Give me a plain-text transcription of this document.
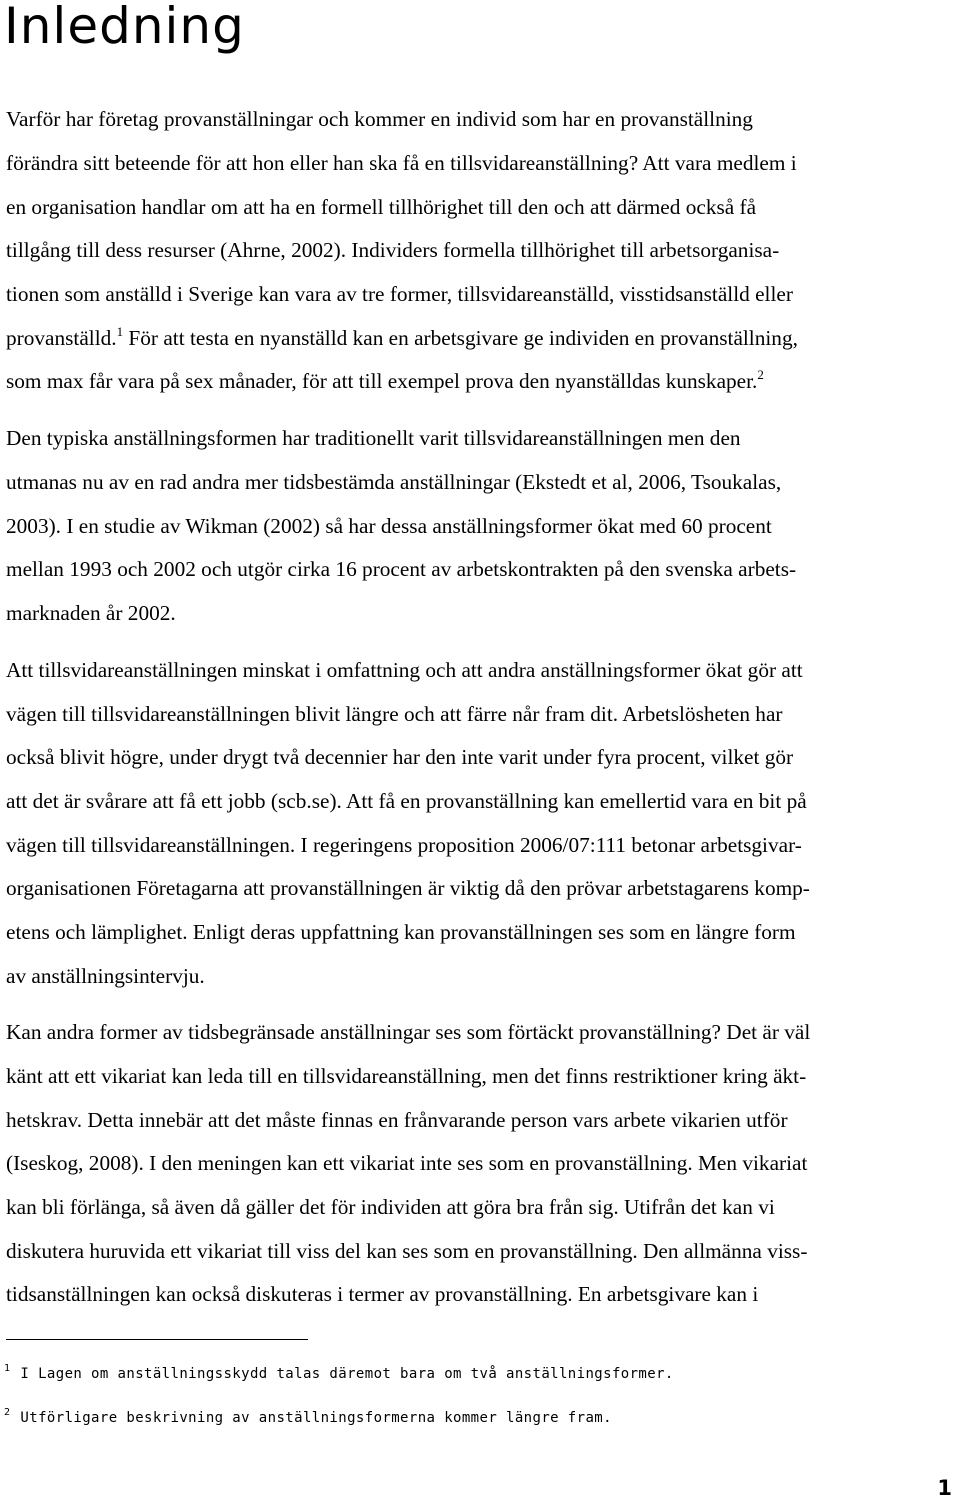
Inledning
Varför har företag provanställningar och kommer en individ som har en provanställning
förändra sitt beteende för att hon eller han ska få en tillsvidareanställning? Att vara medlem i
en organisation handlar om att ha en formell tillhörighet till den och att därmed också få
tillgång till dess resurser (Ahrne, 2002). Individers formella tillhörighet till arbetsorganisa-
tionen som anställd i Sverige kan vara av tre former, tillsvidareanställd, visstidsanställd eller
provanställd.$^1$ För att testa en nyanställd kan en arbetsgivare ge individen en provanställning,
som max får vara på sex månader, för att till exempel prova den nyanställdas kunskaper.$^2$
Den typiska anställningsformen har traditionellt varit tillsvidareanställningen men den
utmanas nu av en rad andra mer tidsbestämda anställningar (Ekstedt et al, 2006, Tsoukalas,
2003). I en studie av Wikman (2002) så har dessa anställningsformer ökat med 60 procent
mellan 1993 och 2002 och utgör cirka 16 procent av arbetskontrakten på den svenska arbets-
marknaden år 2002.
Att tillsvidareanställningen minskat i omfattning och att andra anställningsformer ökat gör att
vägen till tillsvidareanställningen blivit längre och att färre når fram dit. Arbetslösheten har
också blivit högre, under drygt två decennier har den inte varit under fyra procent, vilket gör
att det är svårare att få ett jobb (scb.se). Att få en provanställning kan emellertid vara en bit på
vägen till tillsvidareanställningen. I regeringens proposition 2006/07:111 betonar arbetsgivar-
organisationen Företagarna att provanställningen är viktig då den prövar arbetstagarens komp-
etens och lämplighet. Enligt deras uppfattning kan provanställningen ses som en längre form
av anställningsintervju.
Kan andra former av tidsbegränsade anställningar ses som förtäckt provanställning? Det är väl
känt att ett vikariat kan leda till en tillsvidareanställning, men det finns restriktioner kring äkt-
hetskrav. Detta innebär att det måste finnas en frånvarande person vars arbete vikarien utför
(Iseskog, 2008). I den meningen kan ett vikariat inte ses som en provanställning. Men vikariat
kan bli förlänga, så även då gäller det för individen att göra bra från sig. Utifrån det kan vi
diskutera huruvida ett vikariat till viss del kan ses som en provanställning. Den allmänna viss-
tidsanställningen kan också diskuteras i termer av provanställning. En arbetsgivare kan i
$^1$ I Lagen om anställningsskydd talas däremot bara om två anställningsformer.
$^2$ Utförligare beskrivning av anställningsformerna kommer längre fram.
1
